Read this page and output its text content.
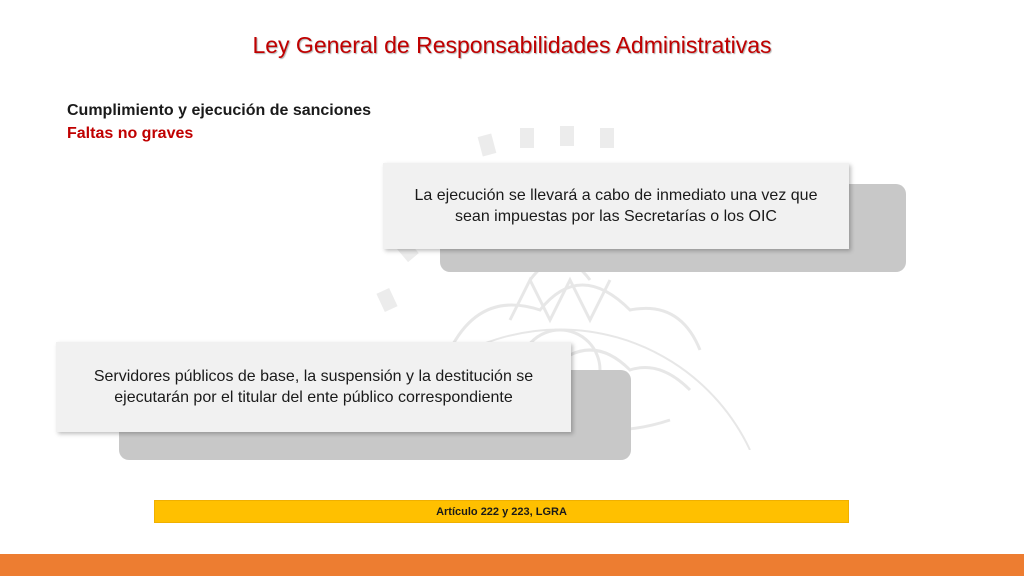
Ley General de Responsabilidades Administrativas
Cumplimiento y ejecución de sanciones
Faltas no graves
La ejecución se llevará a cabo de inmediato una vez que sean impuestas por las Secretarías o los OIC
Servidores públicos de base, la suspensión y la destitución se ejecutarán por el titular del ente público correspondiente
Artículo 222 y 223, LGRA
